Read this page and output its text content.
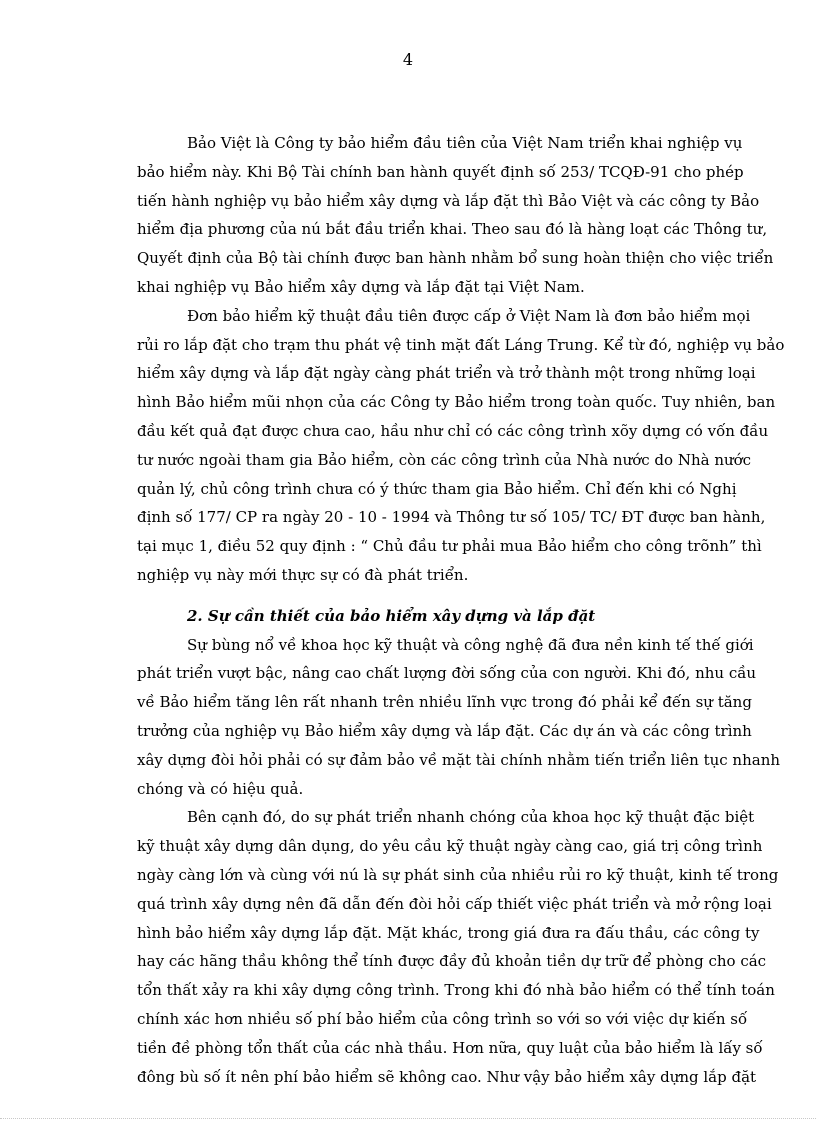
4

Bảo Việt là Công ty bảo hiểm đầu tiên của Việt Nam triển khai nghiệp vụ
bảo hiểm này. Khi Bộ Tài chính ban hành quyết định số 253/ TCQĐ-91 cho phép
tiến hành nghiệp vụ bảo hiểm xây dựng và lắp đặt thì Bảo Việt và các công ty Bảo
hiểm địa phương của nú bắt đầu triển khai. Theo sau đó là hàng loạt các Thông tư,
Quyết định của Bộ tài chính được ban hành nhằm bổ sung hoàn thiện cho việc triển
khai nghiệp vụ Bảo hiểm xây dựng và lắp đặt tại Việt Nam.

Đơn bảo hiểm kỹ thuật đầu tiên được cấp ở Việt Nam là đơn bảo hiểm mọi
rủi ro lắp đặt cho trạm thu phát vệ tinh mặt đất Láng Trung. Kể từ đó, nghiệp vụ bảo
hiểm xây dựng và lắp đặt ngày càng phát triển và trở thành một trong những loại
hình Bảo hiểm mũi nhọn của các Công ty Bảo hiểm trong toàn quốc. Tuy nhiên, ban
đầu kết quả đạt được chưa cao, hầu như chỉ có các công trình xõy dựng có vốn đầu
tư nước ngoài tham gia Bảo hiểm, còn các công trình của Nhà nước do Nhà nước
quản lý, chủ công trình chưa có ý thức tham gia Bảo hiểm. Chỉ đến khi có Nghị
định số 177/ CP ra ngày 20 - 10 - 1994 và Thông tư số 105/ TC/ ĐT được ban hành,
tại mục 1, điều 52 quy định : “ Chủ đầu tư phải mua Bảo hiểm cho công trõnh” thì
nghiệp vụ này mới thực sự có đà phát triển.

2. Sự cần thiết của bảo hiểm xây dựng và lắp đặt

Sự bùng nổ về khoa học kỹ thuật và công nghệ đã đưa nền kinh tế thế giới
phát triển vượt bậc, nâng cao chất lượng đời sống của con người. Khi đó, nhu cầu
về Bảo hiểm tăng lên rất nhanh trên nhiều lĩnh vực trong đó phải kể đến sự tăng
trưởng của nghiệp vụ Bảo hiểm xây dựng và lắp đặt. Các dự án và các công trình
xây dựng đòi hỏi phải có sự đảm bảo về mặt tài chính nhằm tiến triển liên tục nhanh
chóng và có hiệu quả.

Bên cạnh đó, do sự phát triển nhanh chóng của khoa học kỹ thuật đặc biệt
kỹ thuật xây dựng dân dụng, do yêu cầu kỹ thuật ngày càng cao, giá trị công trình
ngày càng lớn và cùng với nú là sự phát sinh của nhiều rủi ro kỹ thuật, kinh tế trong
quá trình xây dựng nên đã dẫn đến đòi hỏi cấp thiết việc phát triển và mở rộng loại
hình bảo hiểm xây dựng lắp đặt. Mặt khác, trong giá đưa ra đấu thầu, các công ty
hay các hãng thầu không thể tính được đầy đủ khoản tiền dự trữ để phòng cho các
tổn thất xảy ra khi xây dựng công trình. Trong khi đó nhà bảo hiểm có thể tính toán
chính xác hơn nhiều số phí bảo hiểm của công trình so với so với việc dự kiến số
tiền đề phòng tổn thất của các nhà thầu. Hơn nữa, quy luật của bảo hiểm là lấy số
đông bù số ít nên phí bảo hiểm sẽ không cao. Như vậy bảo hiểm xây dựng lắp đặt
